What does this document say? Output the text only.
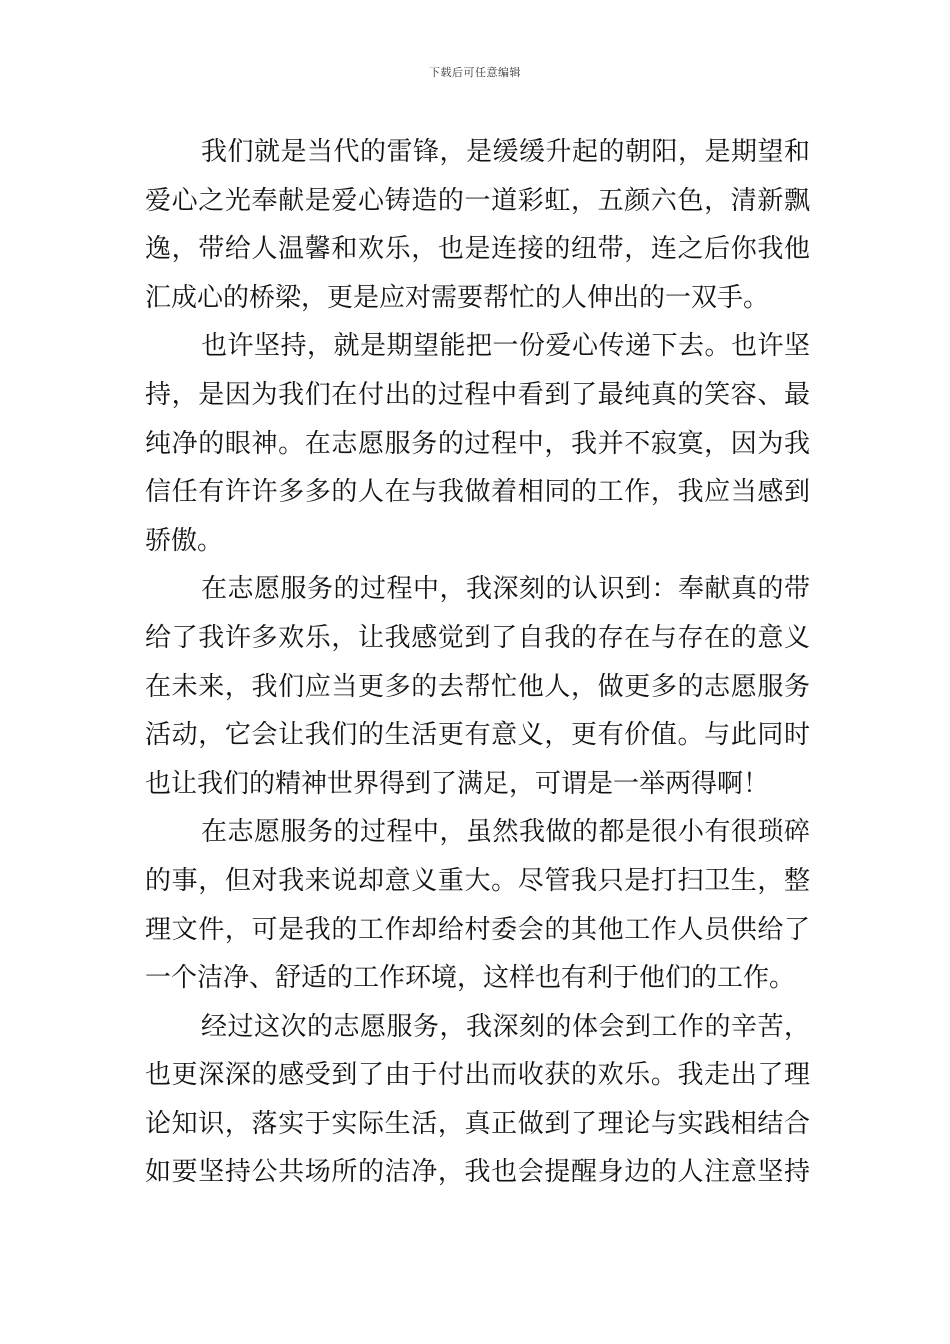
下载后可任意编辑
我们就是当代的雷锋，是缓缓升起的朝阳，是期望和
爱心之光奉献是爱心铸造的一道彩虹，五颜六色，清新飘
逸，带给人温馨和欢乐，也是连接的纽带，连之后你我他
汇成心的桥梁，更是应对需要帮忙的人伸出的一双手。
也许坚持，就是期望能把一份爱心传递下去。也许坚
持，是因为我们在付出的过程中看到了最纯真的笑容、最
纯净的眼神。在志愿服务的过程中，我并不寂寞，因为我
信任有许许多多的人在与我做着相同的工作，我应当感到
骄傲。
在志愿服务的过程中，我深刻的认识到：奉献真的带
给了我许多欢乐，让我感觉到了自我的存在与存在的意义
在未来，我们应当更多的去帮忙他人，做更多的志愿服务
活动，它会让我们的生活更有意义，更有价值。与此同时
也让我们的精神世界得到了满足，可谓是一举两得啊！
在志愿服务的过程中，虽然我做的都是很小有很琐碎
的事，但对我来说却意义重大。尽管我只是打扫卫生，整
理文件，可是我的工作却给村委会的其他工作人员供给了
一个洁净、舒适的工作环境，这样也有利于他们的工作。
经过这次的志愿服务，我深刻的体会到工作的辛苦，
也更深深的感受到了由于付出而收获的欢乐。我走出了理
论知识，落实于实际生活，真正做到了理论与实践相结合
如要坚持公共场所的洁净，我也会提醒身边的人注意坚持
